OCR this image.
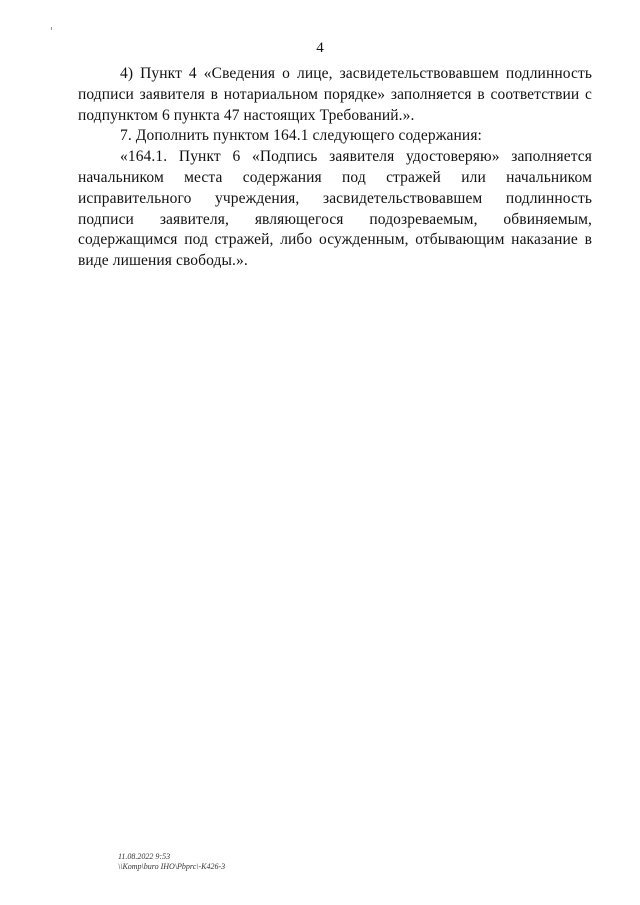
4

4) Пункт 4 «Сведения о лице, засвидетельствовавшем подлинность подписи заявителя в нотариальном порядке» заполняется в соответствии с подпунктом 6 пункта 47 настоящих Требований.».

7. Дополнить пунктом 164.1 следующего содержания:

«164.1. Пункт 6 «Подпись заявителя удостоверяю» заполняется начальником места содержания под стражей или начальником исправительного учреждения, засвидетельствовавшем подлинность подписи заявителя, являющегося подозреваемым, обвиняемым, содержащимся под стражей, либо осужденным, отбывающим наказание в виде лишения свободы.».

11.08.2022 9:53
\\Komp\buro IHO\Pbprc\-K426-3
